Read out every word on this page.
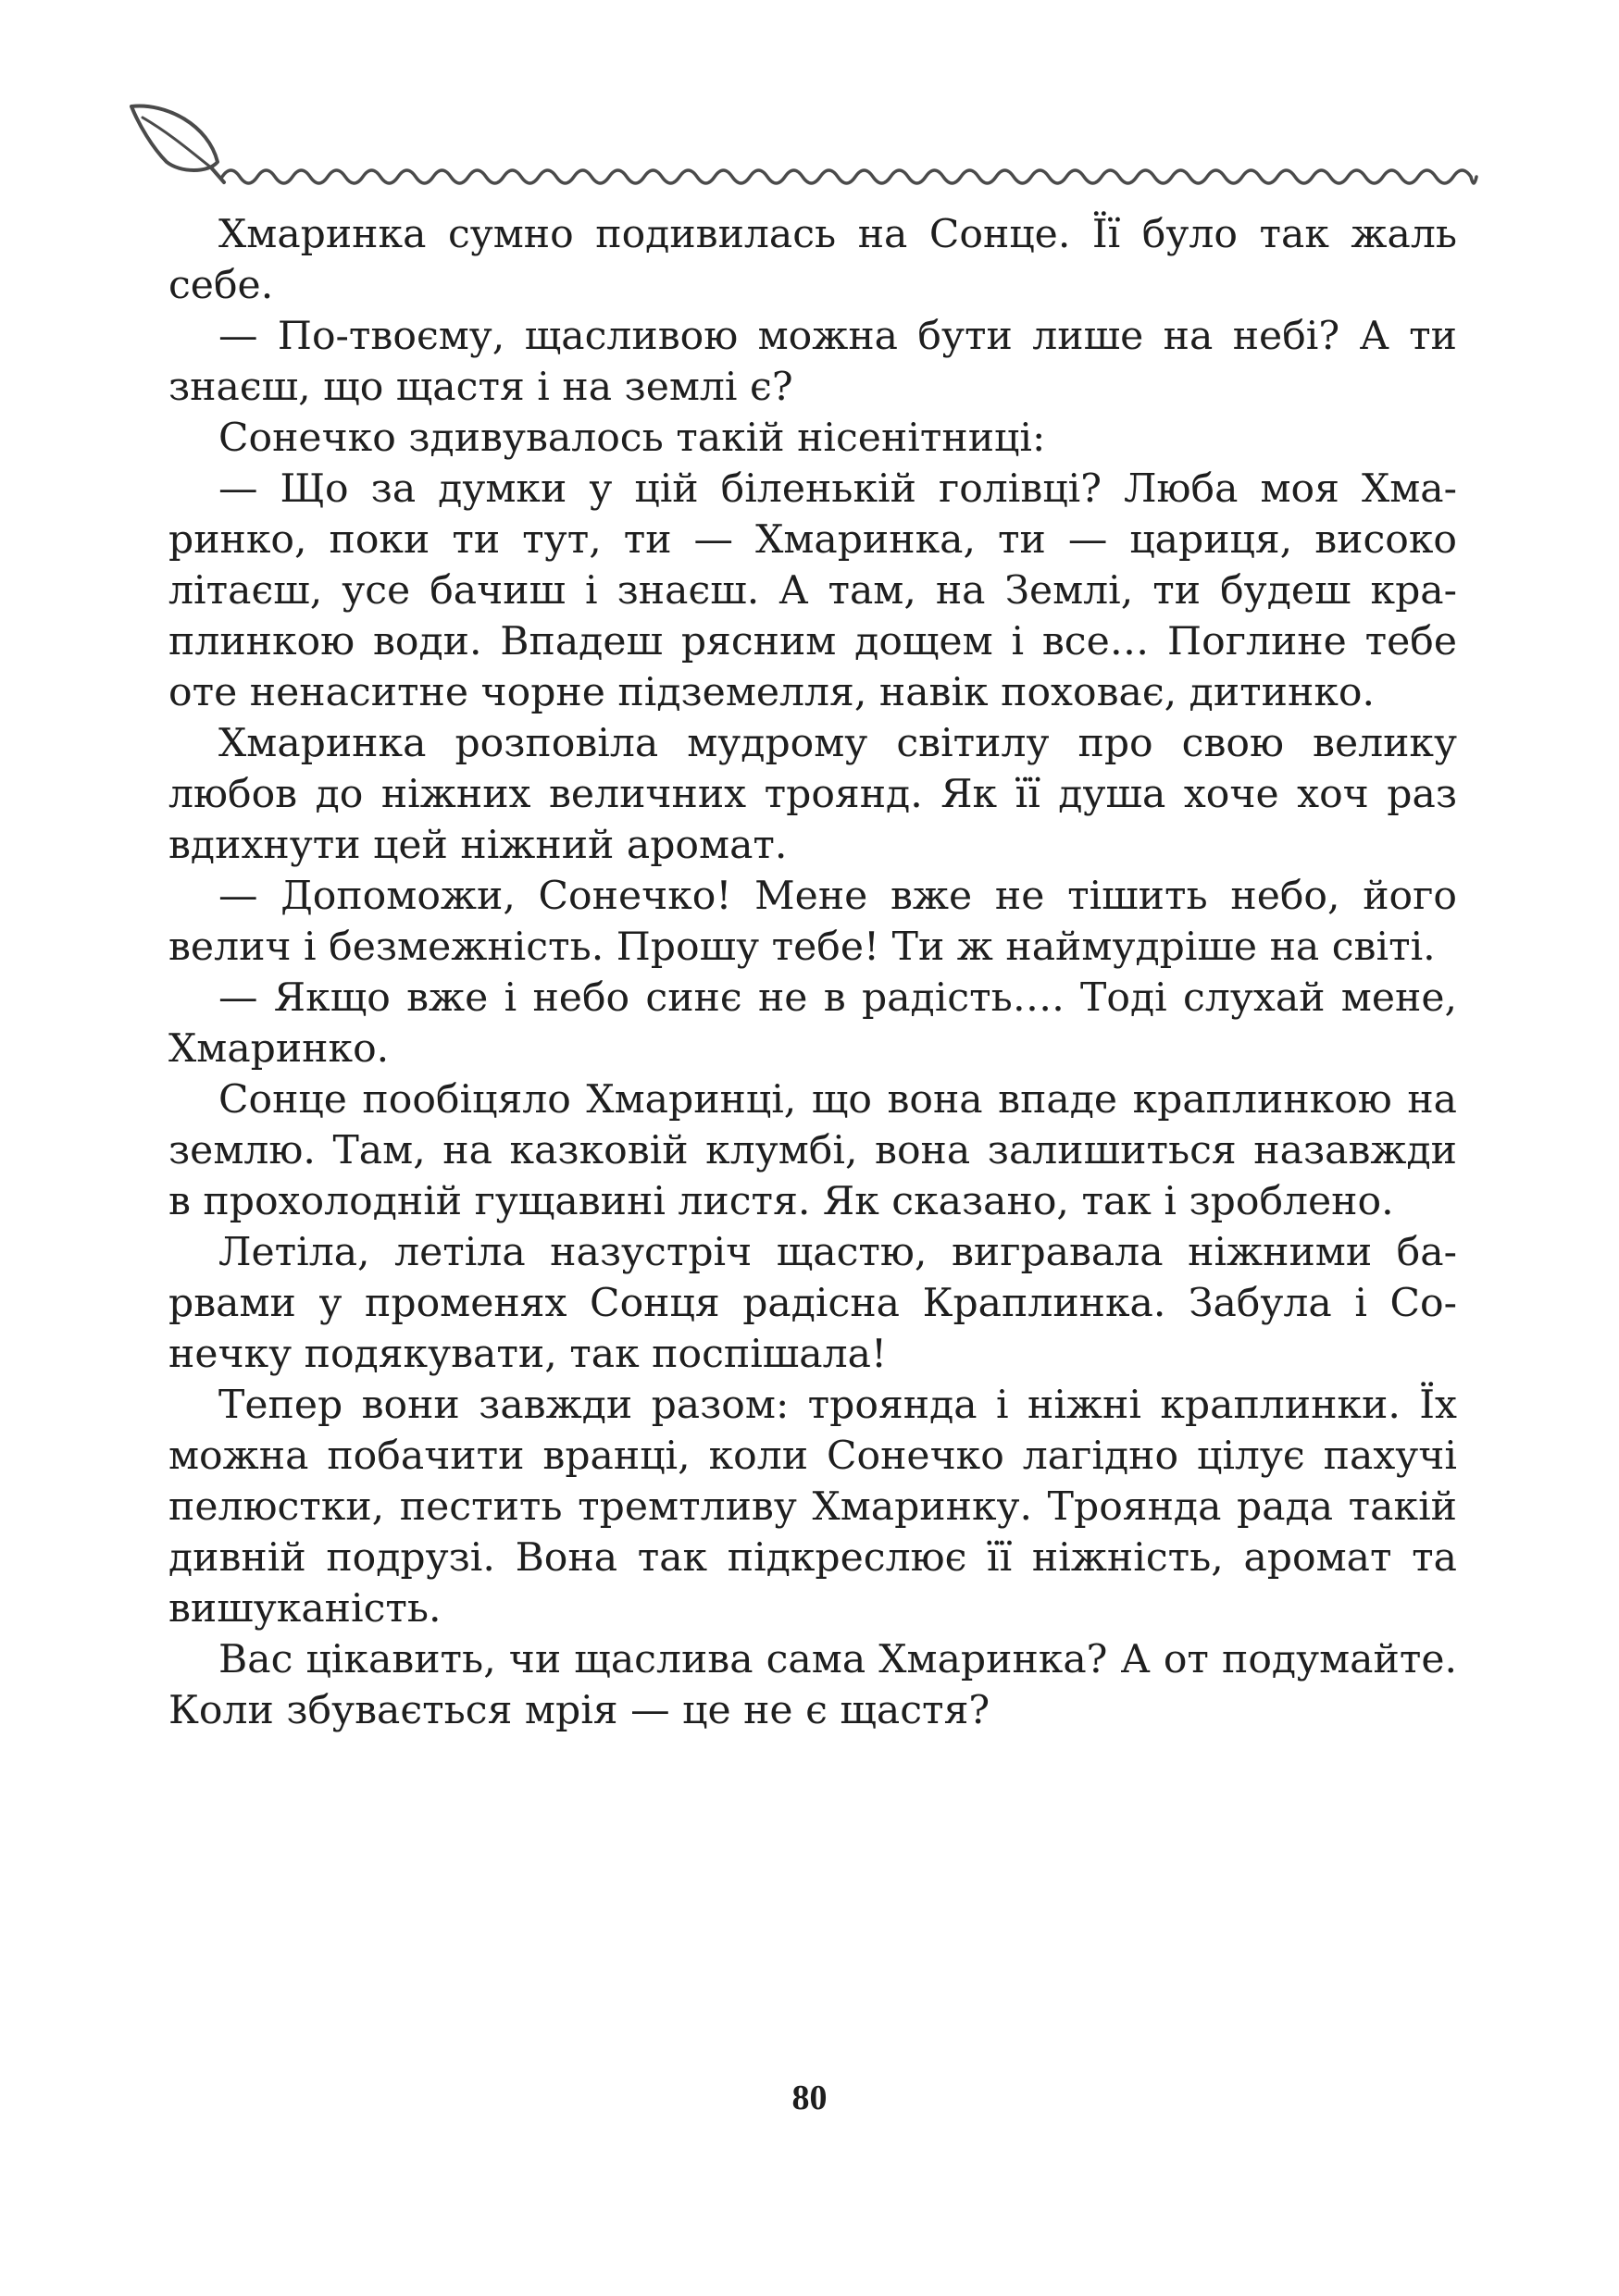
Хмаринка сумно подивилась на Сонце. Її було так жаль себе.

— По-твоєму, щасливою можна бути лише на небі? А ти знаєш, що щастя і на землі є?

Сонечко здивувалось такій нісенітниці:

— Що за думки у цій біленькій голівці? Люба моя Хмаринко, поки ти тут, ти — Хмаринка, ти — цариця, високо літаєш, усе бачиш і знаєш. А там, на Землі, ти будеш краплинкою води. Впадеш рясним дощем і все… Поглине тебе оте ненаситне чорне підземелля, навік поховає, дитинко.

Хмаринка розповіла мудрому світилу про свою велику любов до ніжних величних троянд. Як її душа хоче хоч раз вдихнути цей ніжний аромат.

— Допоможи, Сонечко! Мене вже не тішить небо, його велич і безмежність. Прошу тебе! Ти ж наймудріше на світі.

— Якщо вже і небо синє не в радість…. Тоді слухай мене, Хмаринко.

Сонце пообіцяло Хмаринці, що вона впаде краплинкою на землю. Там, на казковій клумбі, вона залишиться назавжди в прохолодній гущавині листя. Як сказано, так і зроблено.

Летіла, летіла назустріч щастю, вигравала ніжними барвами у променях Сонця радісна Краплинка. Забула і Сонечку подякувати, так поспішала!

Тепер вони завжди разом: троянда і ніжні краплинки. Їх можна побачити вранці, коли Сонечко лагідно цілує пахучі пелюстки, пестить тремтливу Хмаринку. Троянда рада такій дивній подрузі. Вона так підкреслює її ніжність, аромат та вишуканість.

Вас цікавить, чи щаслива сама Хмаринка? А от подумайте. Коли збувається мрія — це не є щастя?

80
